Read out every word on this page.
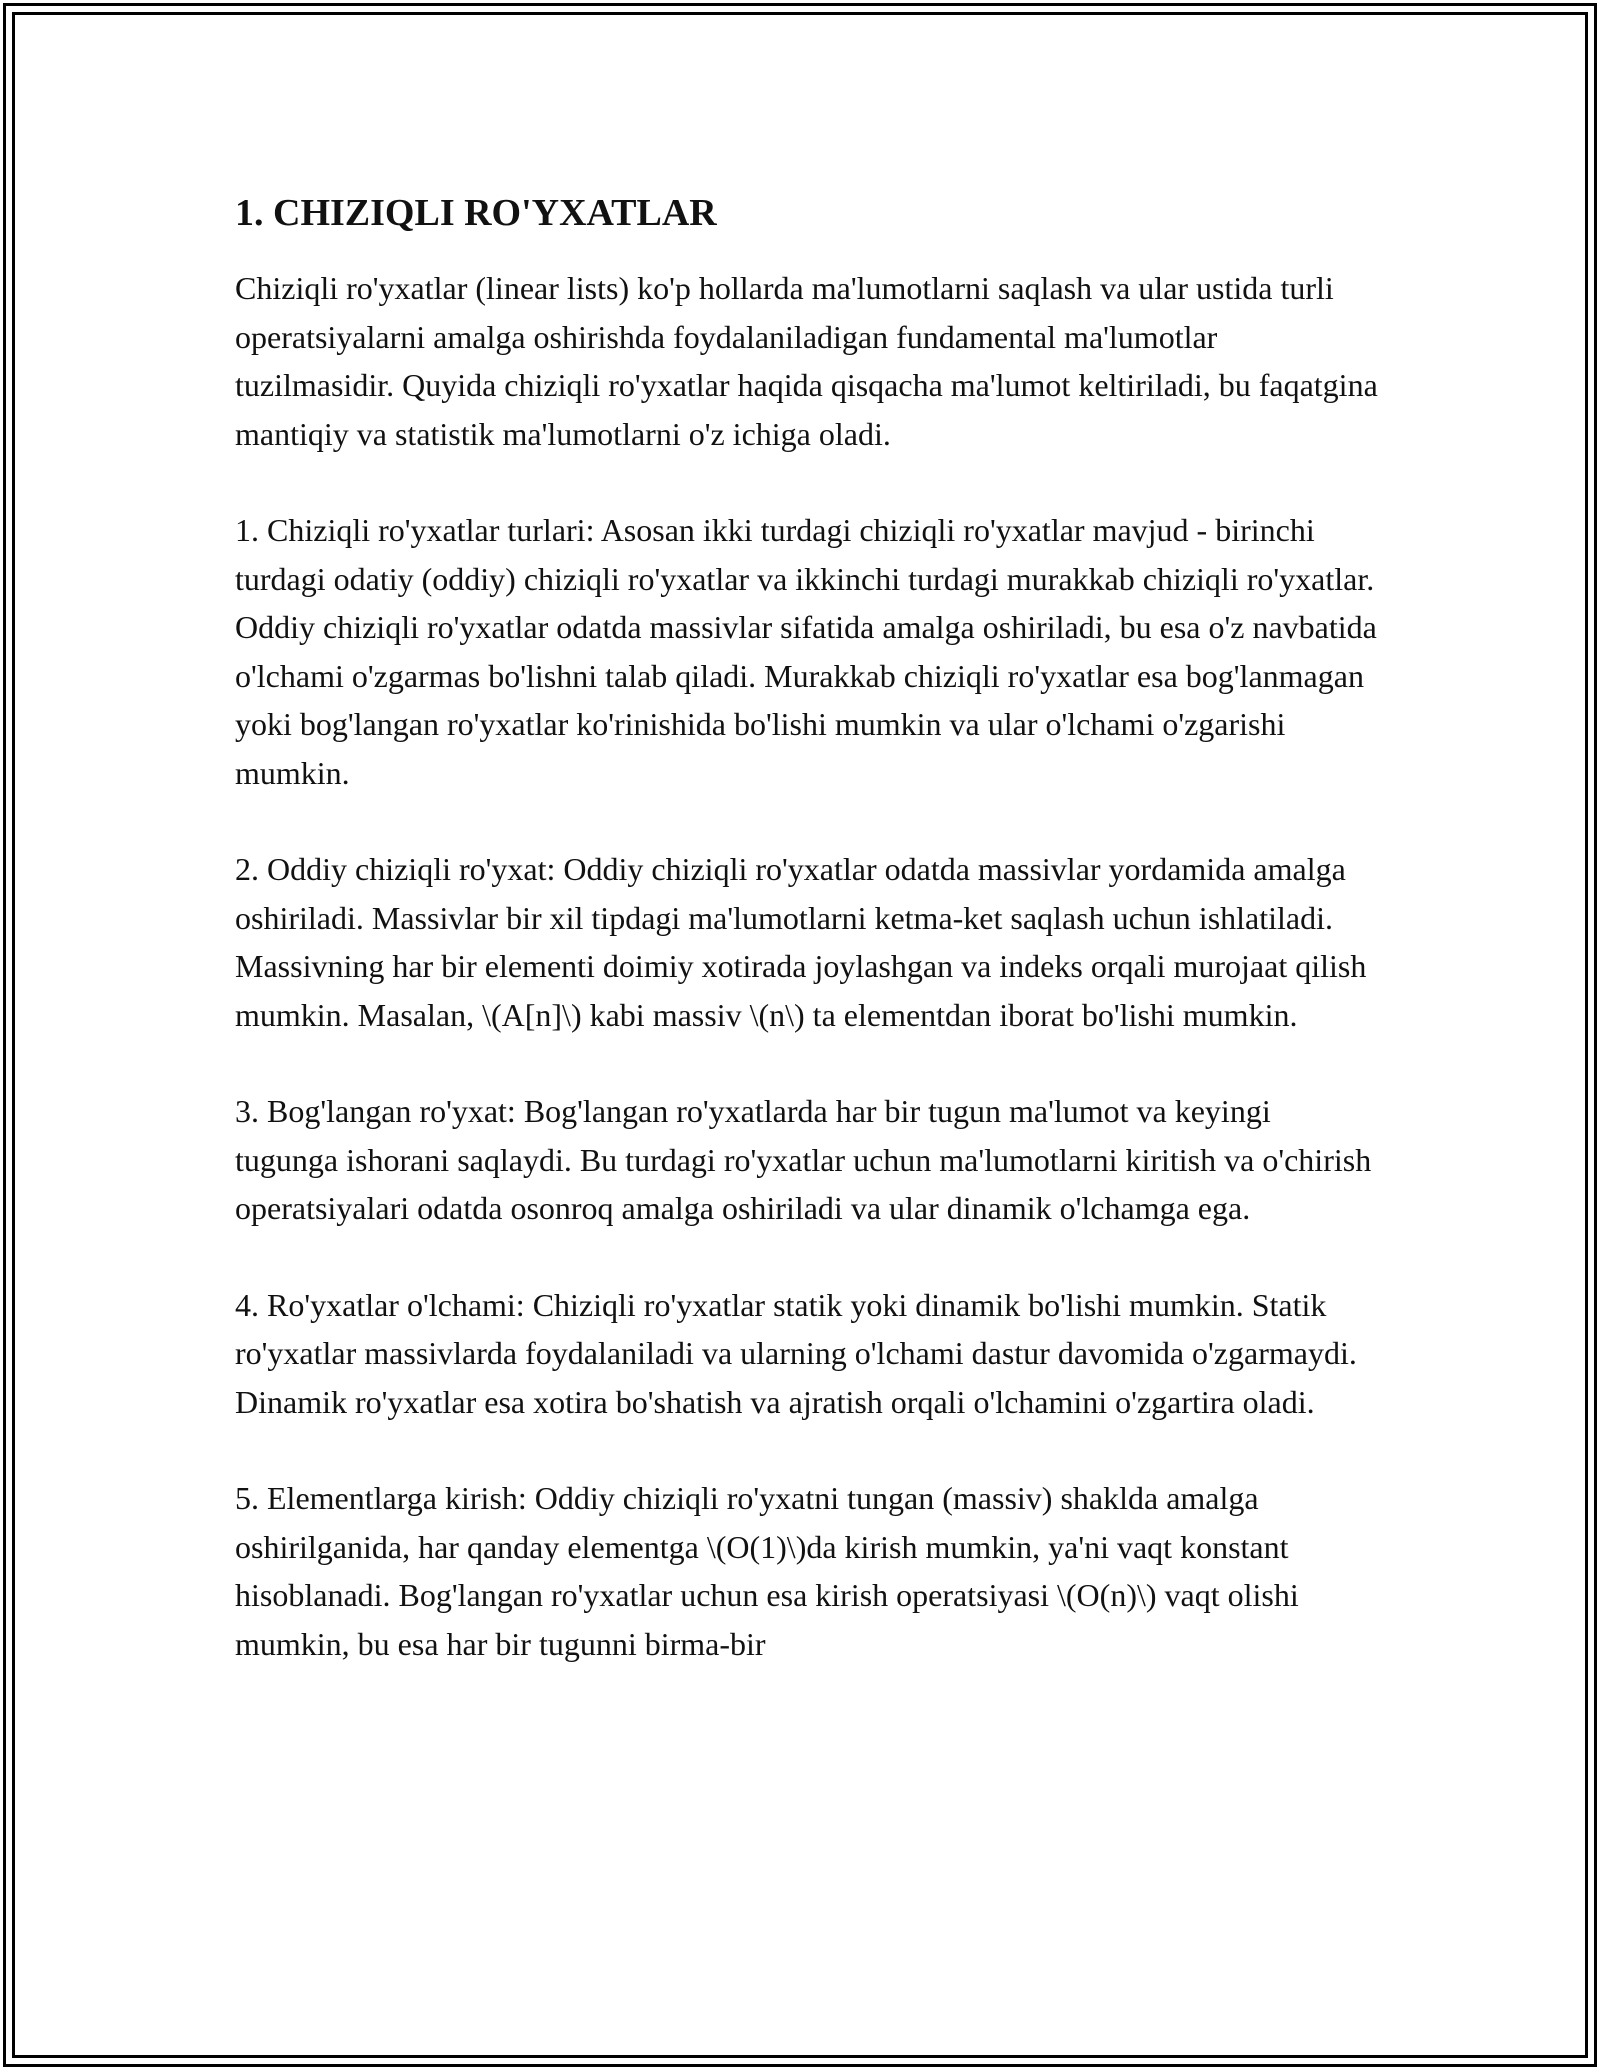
1. CHIZIQLI RO'YXATLAR

Chiziqli ro'yxatlar (linear lists) ko'p hollarda ma'lumotlarni saqlash va ular ustida turli operatsiyalarni amalga oshirishda foydalaniladigan fundamental ma'lumotlar tuzilmasidir. Quyida chiziqli ro'yxatlar haqida qisqacha ma'lumot keltiriladi, bu faqatgina mantiqiy va statistik ma'lumotlarni o'z ichiga oladi.

1. Chiziqli ro'yxatlar turlari: Asosan ikki turdagi chiziqli ro'yxatlar mavjud - birinchi turdagi odatiy (oddiy) chiziqli ro'yxatlar va ikkinchi turdagi murakkab chiziqli ro'yxatlar. Oddiy chiziqli ro'yxatlar odatda massivlar sifatida amalga oshiriladi, bu esa o'z navbatida o'lchami o'zgarmas bo'lishni talab qiladi. Murakkab chiziqli ro'yxatlar esa bog'lanmagan yoki bog'langan ro'yxatlar ko'rinishida bo'lishi mumkin va ular o'lchami o'zgarishi mumkin.

2. Oddiy chiziqli ro'yxat: Oddiy chiziqli ro'yxatlar odatda massivlar yordamida amalga oshiriladi. Massivlar bir xil tipdagi ma'lumotlarni ketma-ket saqlash uchun ishlatiladi. Massivning har bir elementi doimiy xotirada joylashgan va indeks orqali murojaat qilish mumkin. Masalan, \(A[n]\) kabi massiv \(n\) ta elementdan iborat bo'lishi mumkin.

3. Bog'langan ro'yxat: Bog'langan ro'yxatlarda har bir tugun ma'lumot va keyingi tugunga ishorani saqlaydi. Bu turdagi ro'yxatlar uchun ma'lumotlarni kiritish va o'chirish operatsiyalari odatda osonroq amalga oshiriladi va ular dinamik o'lchamga ega.

4. Ro'yxatlar o'lchami: Chiziqli ro'yxatlar statik yoki dinamik bo'lishi mumkin. Statik ro'yxatlar massivlarda foydalaniladi va ularning o'lchami dastur davomida o'zgarmaydi. Dinamik ro'yxatlar esa xotira bo'shatish va ajratish orqali o'lchamini o'zgartira oladi.

5. Elementlarga kirish: Oddiy chiziqli ro'yxatni tungan (massiv) shaklda amalga oshirilganida, har qanday elementga \(O(1)\)da kirish mumkin, ya'ni vaqt konstant hisoblanadi. Bog'langan ro'yxatlar uchun esa kirish operatsiyasi \(O(n)\) vaqt olishi mumkin, bu esa har bir tugunni birma-bir
